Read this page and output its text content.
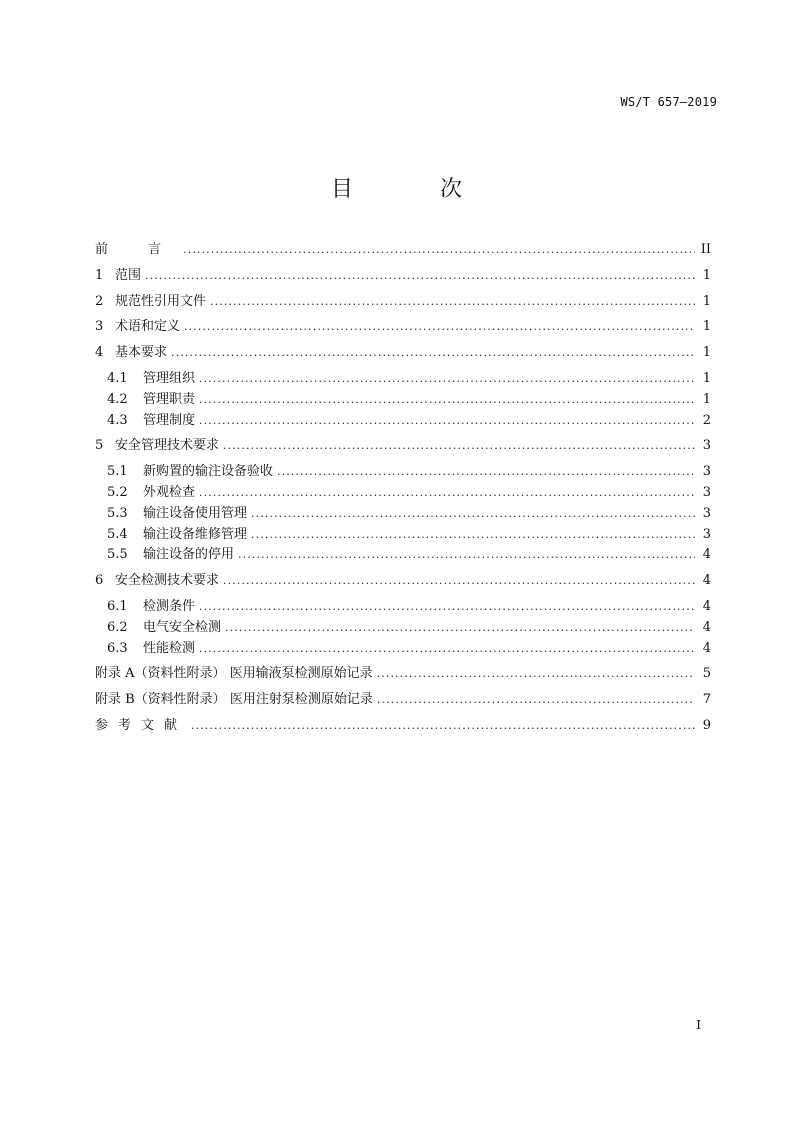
WS/T 657—2019
目 次
前 言 .....	II
1 范围 .....	1
2 规范性引用文件 .....	1
3 术语和定义 .....	1
4 基本要求 .....	1
4.1	管理组织 .....	1
4.2	管理职责 .....	1
4.3	管理制度 .....	2
5 安全管理技术要求 .....	3
5.1	新购置的输注设备验收 .....	3
5.2	外观检查 .....	3
5.3	输注设备使用管理 .....	3
5.4	输注设备维修管理 .....	3
5.5	输注设备的停用 .....	4
6 安全检测技术要求 .....	4
6.1	检测条件 .....	4
6.2	电气安全检测 .....	4
6.3	性能检测 .....	4
附录 A（资料性附录） 医用输液泵检测原始记录 .....	5
附录 B（资料性附录） 医用注射泵检测原始记录 .....	7
参考文献 .....	9
I
